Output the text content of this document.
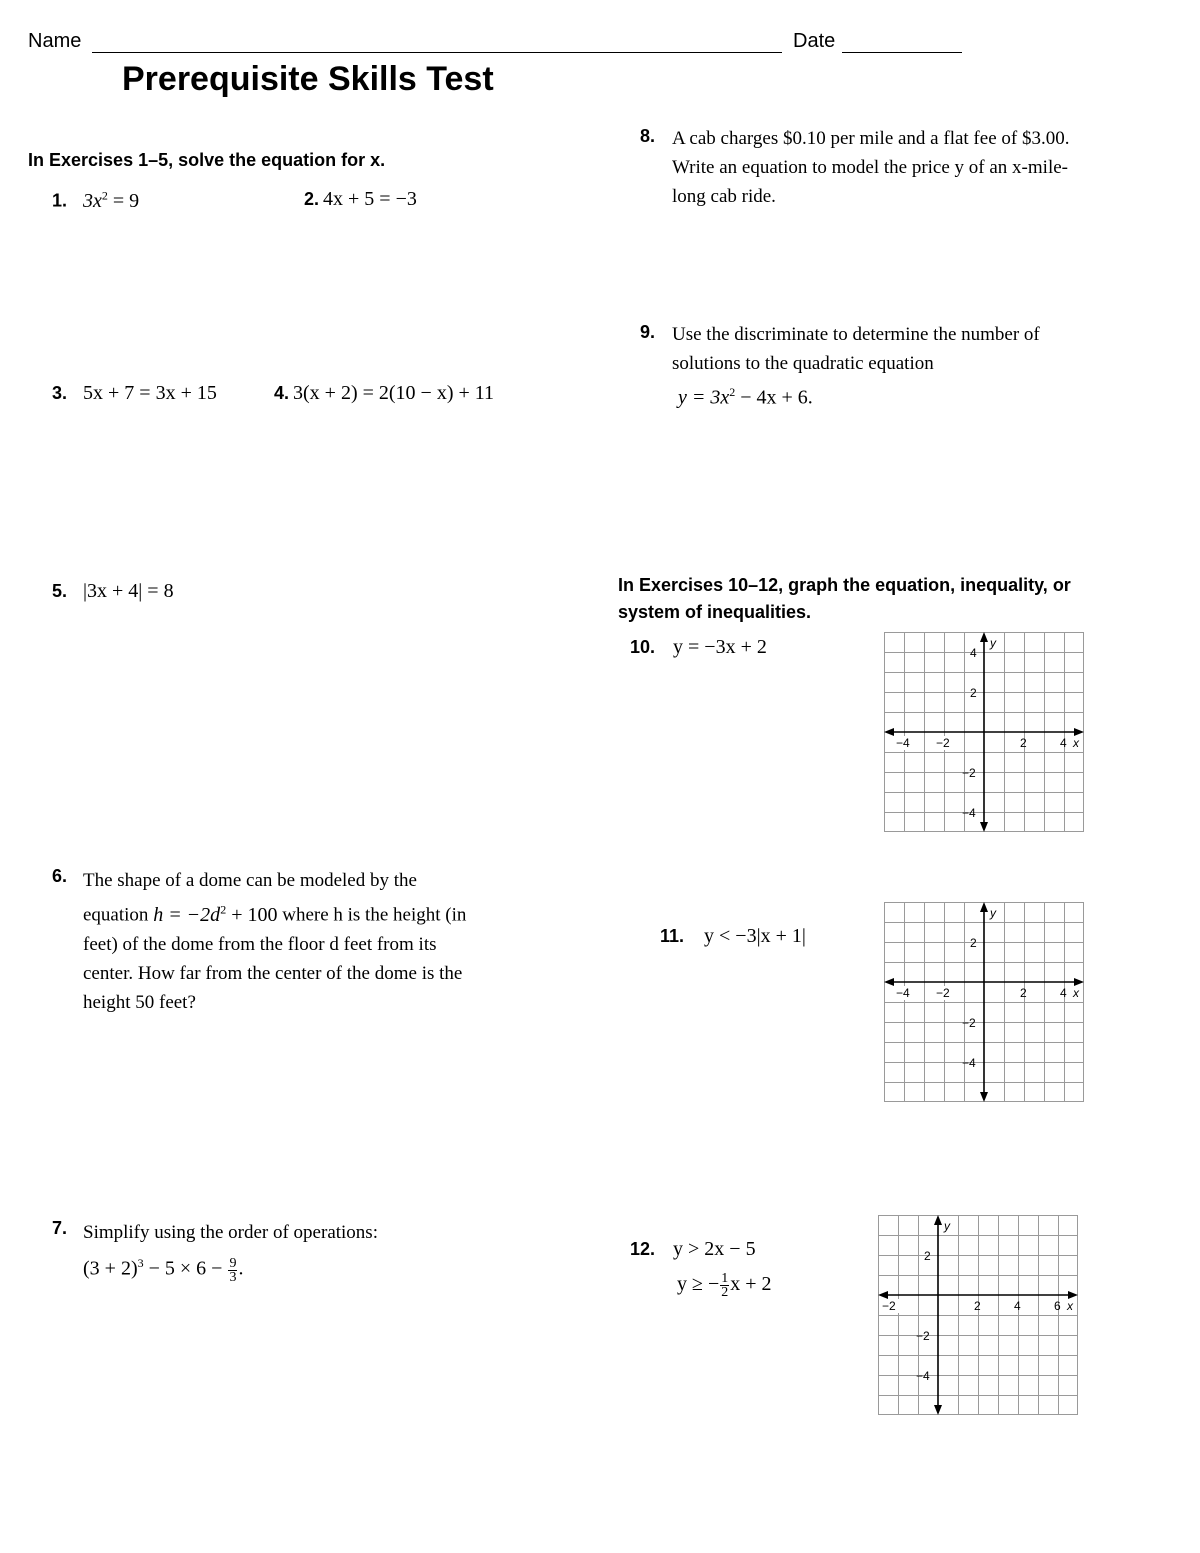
Name	Date
Prerequisite Skills Test
In Exercises 1–5, solve the equation for x.
1. $3x^2 = 9$	2. 4x + 5 = −3
3. 5x + 7 = 3x + 15	4. 3(x + 2) = 2(10 − x) + 11
5. |3x + 4| = 8
6. The shape of a dome can be modeled by the
equation $h = -2d^2 + 100$ where h is the height (in
feet) of the dome from the floor d feet from its
center. How far from the center of the dome is the
height 50 feet?
7. Simplify using the order of operations:
$(3 + 2)^3 - 5 \times 6 - \frac{9}{3}$ .
8. A cab charges $0.10 per mile and a flat fee of $3.00.
Write an equation to model the price y of an x-mile-
long cab ride.
9. Use the discriminate to determine the number of
solutions to the quadratic equation
$y = 3x^2 - 4x + 6$.
In Exercises 10–12, graph the equation, inequality, or
system of inequalities.
10. y = −3x + 2
11. y < −3|x + 1|
12. y > 2x − 5
y ≥ − $\frac{1}{2}$ x + 2
−4 −2	2	4 x
4
2
−2
−4
y
−4 −2	2	4 x
2
−2
−4
y
−2	2	4	6 x
2
−2
−4
y
